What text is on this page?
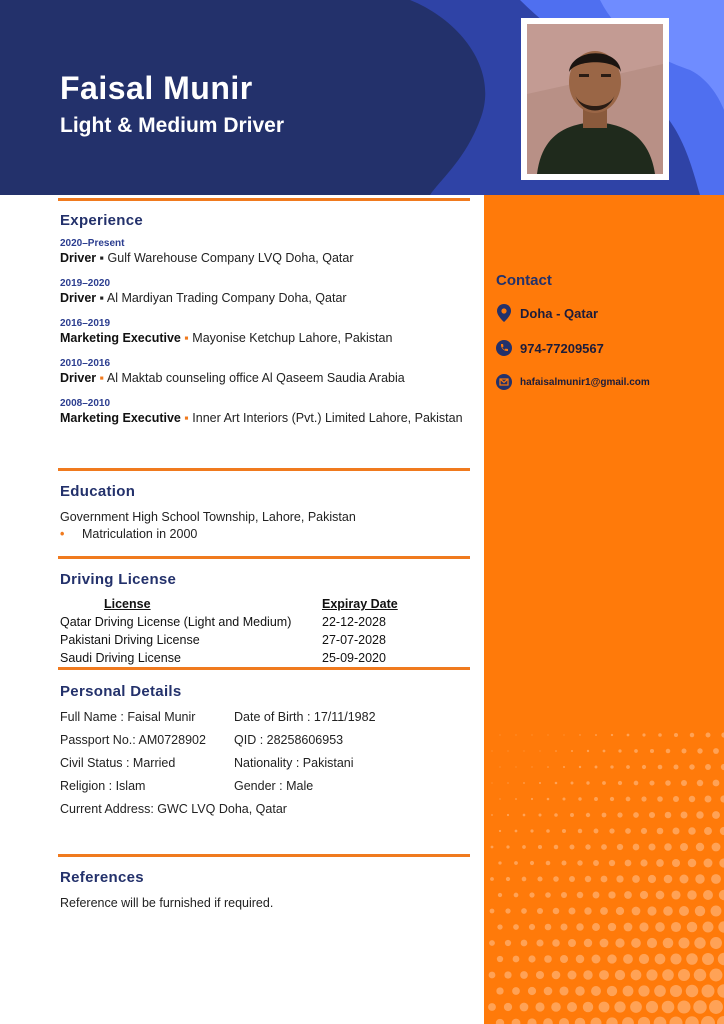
Faisal Munir
Light & Medium Driver
Contact
Doha - Qatar
974-77209567
hafaisalmunir1@gmail.com
Experience
2020–Present
Driver ▪ Gulf Warehouse Company LVQ Doha, Qatar
2019–2020
Driver ▪ Al Mardiyan Trading Company Doha, Qatar
2016–2019
Marketing Executive ▪ Mayonise Ketchup Lahore, Pakistan
2010–2016
Driver ▪ Al Maktab counseling office Al Qaseem Saudia Arabia
2008–2010
Marketing Executive ▪ Inner Art Interiors (Pvt.) Limited Lahore, Pakistan
Education
Government High School Township, Lahore, Pakistan
• Matriculation in 2000
Driving License
License	Expiray Date
Qatar Driving License (Light and Medium) 22-12-2028
Pakistani Driving License	27-07-2028
Saudi Driving License	25-09-2020
Personal Details
Full Name : Faisal Munir	Date of Birth : 17/11/1982
Passport No.: AM0728902 QID : 28258606953
Civil Status : Married	Nationality : Pakistani
Religion : Islam	Gender : Male
Current Address: GWC LVQ Doha, Qatar
References
Reference will be furnished if required.
